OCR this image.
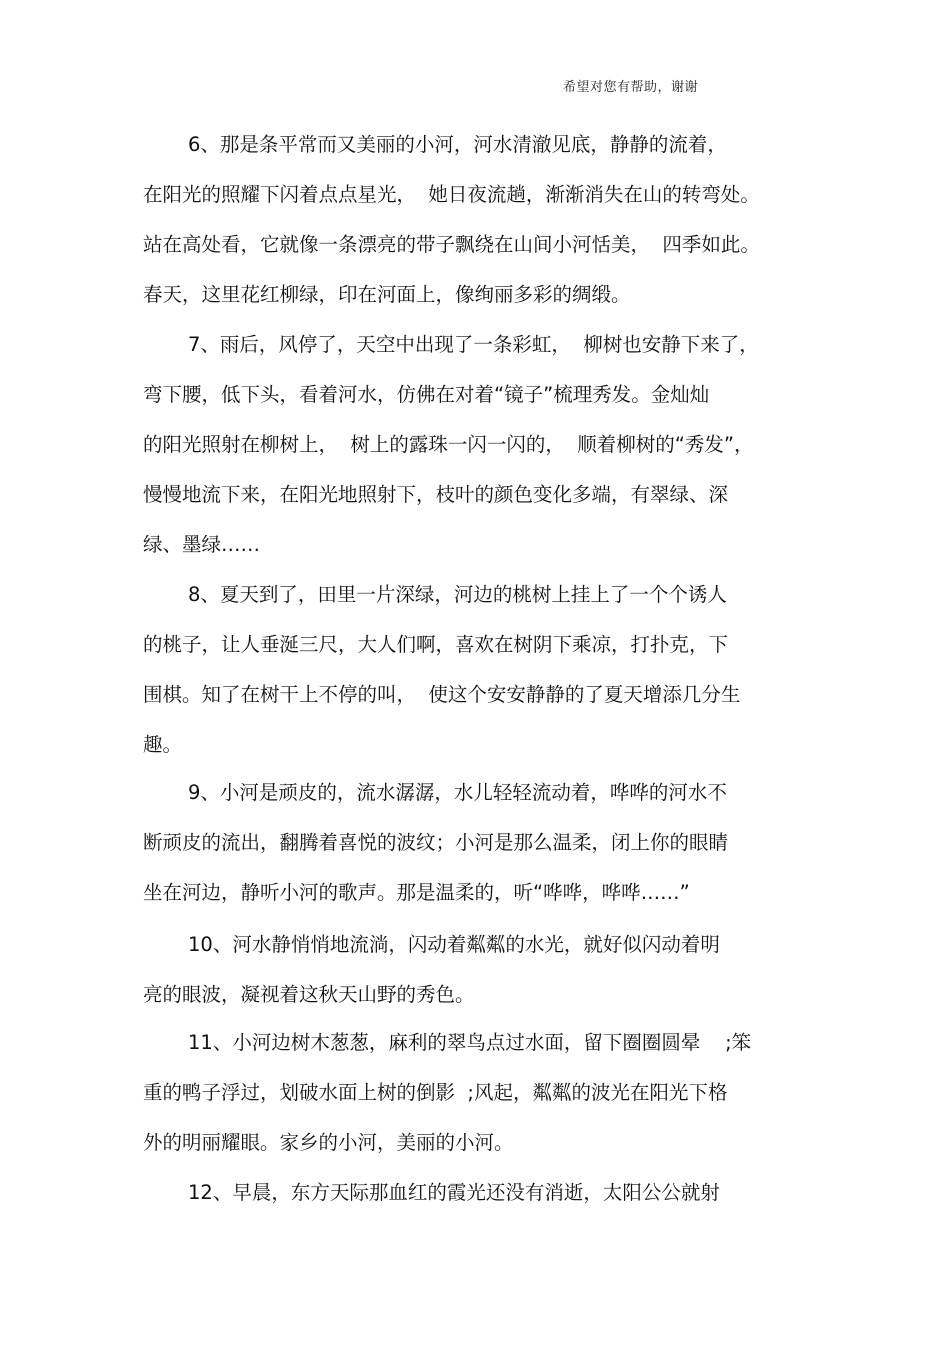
希望对您有帮助，谢谢
6、那是条平常而又美丽的小河，河水清澈见底，静静的流着，
在阳光的照耀下闪着点点星光，  她日夜流趟，渐渐消失在山的转弯处。
站在高处看，它就像一条漂亮的带子飘绕在山间小河恬美，  四季如此。
春天，这里花红柳绿，印在河面上，像绚丽多彩的绸缎。
7、雨后，风停了，天空中出现了一条彩虹，  柳树也安静下来了，
弯下腰，低下头，看着河水，仿佛在对着“镜子”梳理秀发。金灿灿
的阳光照射在柳树上，  树上的露珠一闪一闪的，  顺着柳树的“秀发”，
慢慢地流下来，在阳光地照射下，枝叶的颜色变化多端，有翠绿、深
绿、墨绿……
8、夏天到了，田里一片深绿，河边的桃树上挂上了一个个诱人
的桃子，让人垂涎三尺，大人们啊，喜欢在树阴下乘凉，打扑克，下
围棋。知了在树干上不停的叫，  使这个安安静静的了夏天增添几分生
趣。
9、小河是顽皮的，流水潺潺，水儿轻轻流动着，哗哗的河水不
断顽皮的流出，翻腾着喜悦的波纹；小河是那么温柔，闭上你的眼睛
坐在河边，静听小河的歌声。那是温柔的，听“哗哗，哗哗……”
10、河水静悄悄地流淌，闪动着粼粼的水光，就好似闪动着明
亮的眼波，凝视着这秋天山野的秀色。
11、小河边树木葱葱，麻利的翠鸟点过水面，留下圈圈圆晕    ;笨
重的鸭子浮过，划破水面上树的倒影  ;风起，粼粼的波光在阳光下格
外的明丽耀眼。家乡的小河，美丽的小河。
12、早晨，东方天际那血红的霞光还没有消逝，太阳公公就射
